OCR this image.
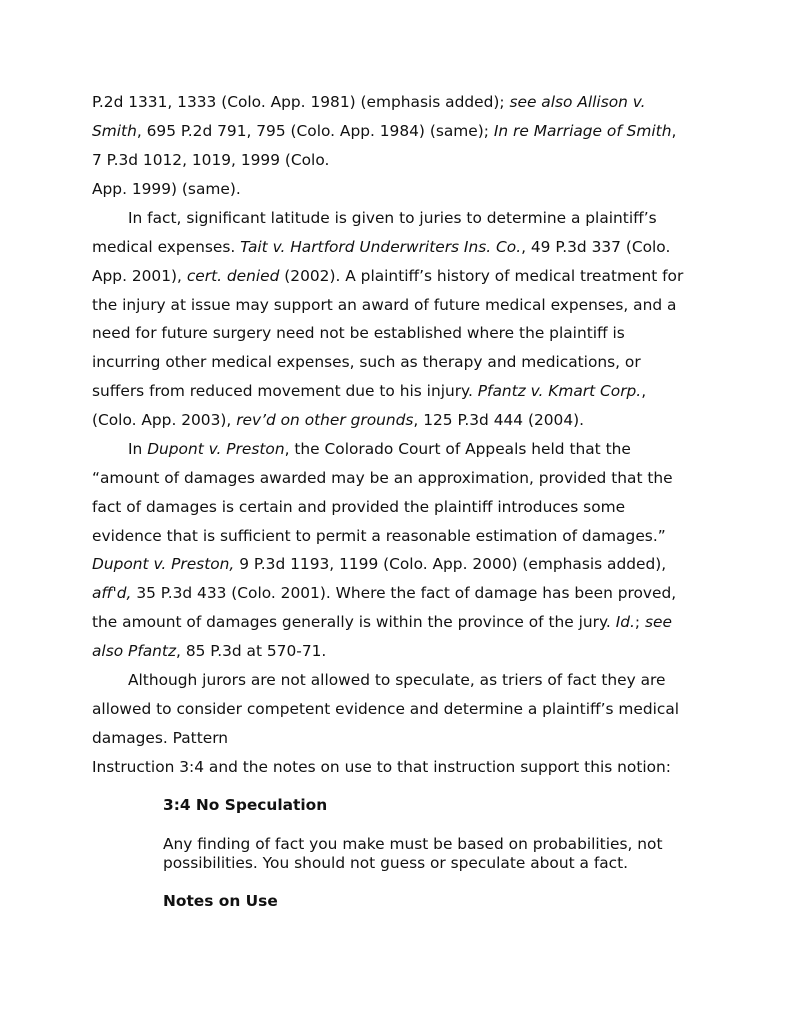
P.2d 1331, 1333 (Colo. App. 1981) (emphasis added); see also Allison v.
Smith, 695 P.2d 791, 795 (Colo. App. 1984) (same); In re Marriage of Smith,
7 P.3d 1012, 1019, 1999 (Colo.
App. 1999) (same).
In fact, significant latitude is given to juries to determine a plaintiff’s
medical expenses. Tait v. Hartford Underwriters Ins. Co., 49 P.3d 337 (Colo.
App. 2001), cert. denied (2002). A plaintiff’s history of medical treatment for
the injury at issue may support an award of future medical expenses, and a
need for future surgery need not be established where the plaintiff is
incurring other medical expenses, such as therapy and medications, or
suffers from reduced movement due to his injury. Pfantz v. Kmart Corp.,
(Colo. App. 2003), rev’d on other grounds, 125 P.3d 444 (2004).
In Dupont v. Preston, the Colorado Court of Appeals held that the
“amount of damages awarded may be an approximation, provided that the
fact of damages is certain and provided the plaintiff introduces some
evidence that is sufficient to permit a reasonable estimation of damages.”
Dupont v. Preston, 9 P.3d 1193, 1199 (Colo. App. 2000) (emphasis added),
aff'd, 35 P.3d 433 (Colo. 2001). Where the fact of damage has been proved,
the amount of damages generally is within the province of the jury. Id.; see
also Pfantz, 85 P.3d at 570-71.
Although jurors are not allowed to speculate, as triers of fact they are
allowed to consider competent evidence and determine a plaintiff’s medical
damages. Pattern
Instruction 3:4 and the notes on use to that instruction support this notion:
3:4 No Speculation
Any finding of fact you make must be based on probabilities, not
possibilities. You should not guess or speculate about a fact.
Notes on Use
